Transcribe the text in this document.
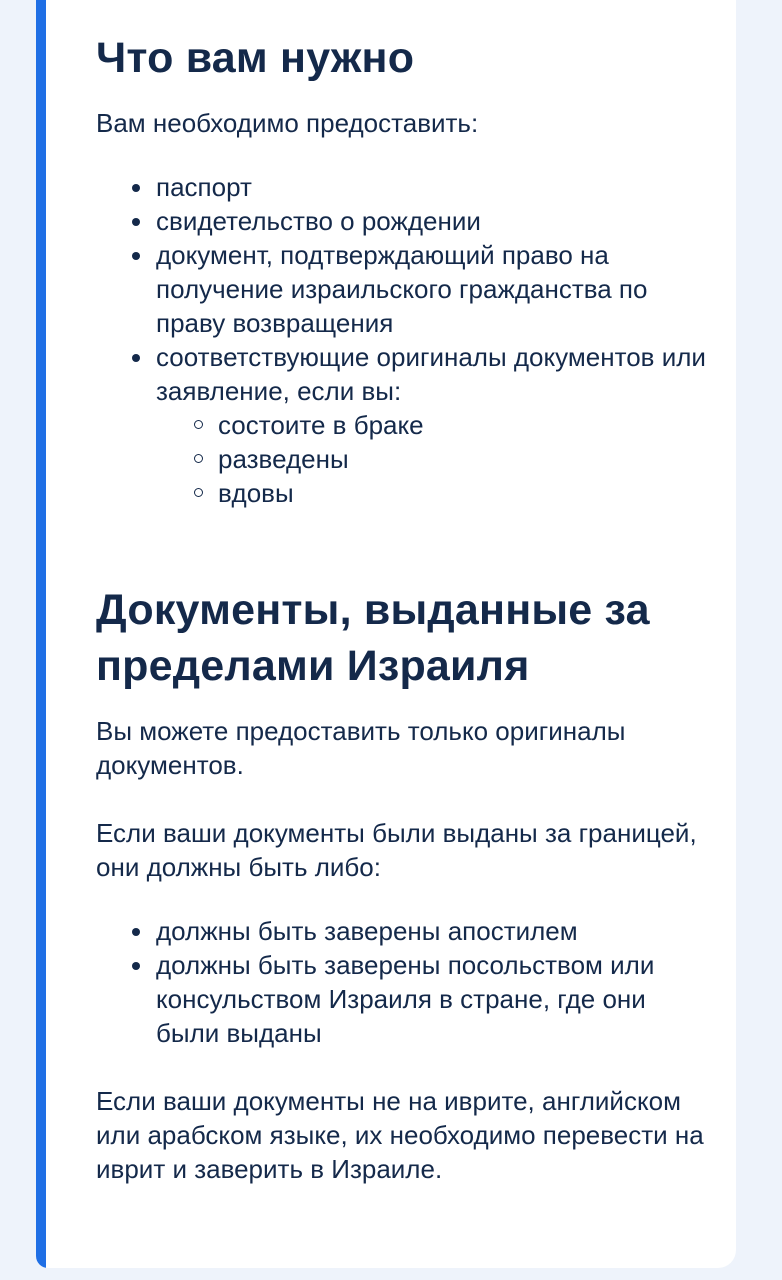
Что вам нужно

Вам необходимо предоставить:

паспорт
свидетельство о рождении
документ, подтверждающий право на получение израильского гражданства по праву возвращения
соответствующие оригиналы документов или заявление, если вы:
состоите в браке
разведены
вдовы
Документы, выданные за пределами Израиля

Вы можете предоставить только оригиналы документов.

Если ваши документы были выданы за границей, они должны быть либо:

должны быть заверены апостилем
должны быть заверены посольством или консульством Израиля в стране, где они были выданы

Если ваши документы не на иврите, английском или арабском языке, их необходимо перевести на иврит и заверить в Израиле.
